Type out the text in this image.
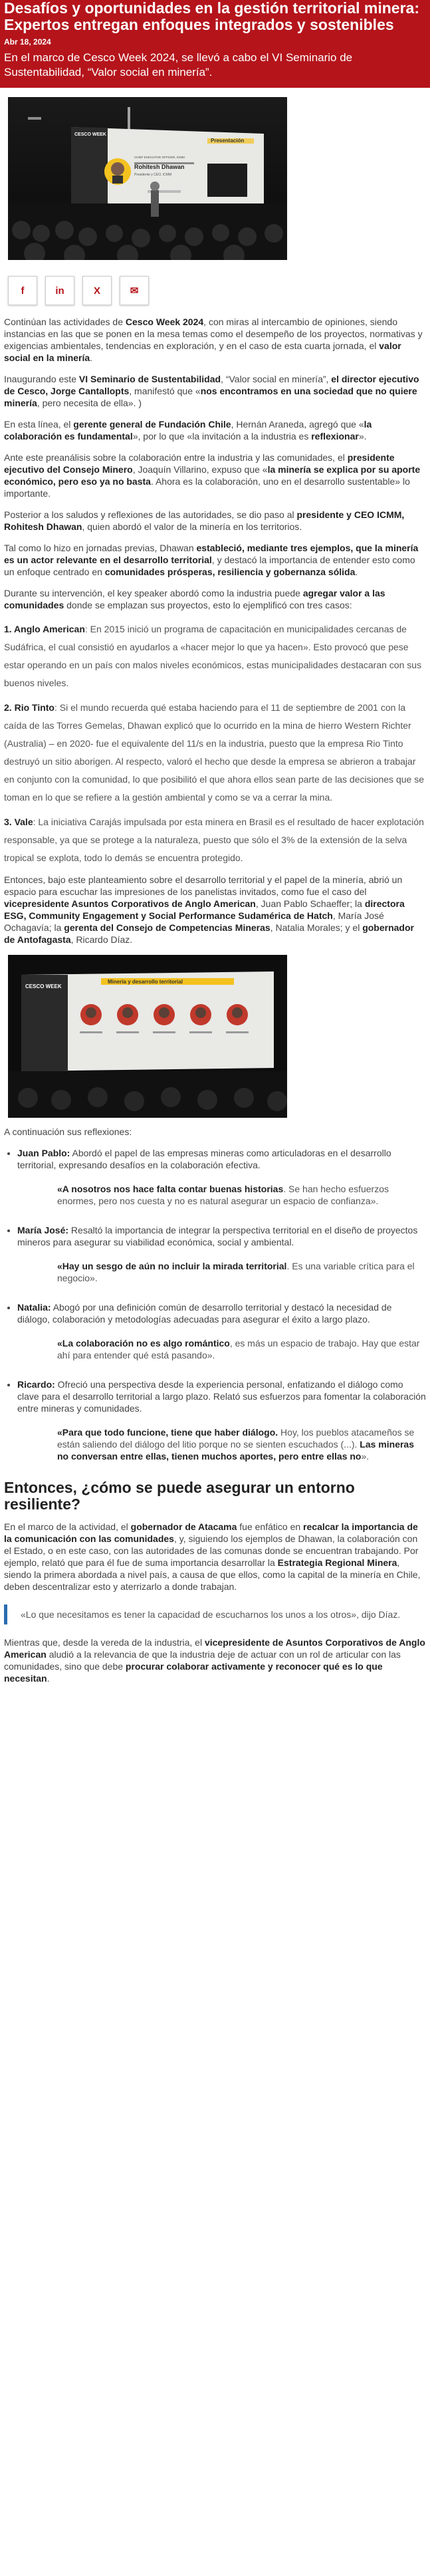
Desafíos y oportunidades en la gestión territorial minera: Expertos entregan enfoques integrados y sostenibles
Abr 18, 2024

En el marco de Cesco Week 2024, se llevó a cabo el VI Seminario de Sustentabilidad, “Valor social en minería”.

CESCO WEEK
Presentación
CHIEF EXECUTIVE OFFICER, ICMM
Rohitesh Dhawan
Presidente y CEO, ICMM
f	in	X	✉

Continúan las actividades de Cesco Week 2024, con miras al intercambio de opiniones, siendo instancias en las que se ponen en la mesa temas como el desempeño de los proyectos, normativas y exigencias ambientales, tendencias en exploración, y en el caso de esta cuarta jornada, el valor social en la minería.

Inaugurando este VI Seminario de Sustentabilidad, “Valor social en minería”, el director ejecutivo de Cesco, Jorge Cantallopts, manifestó que «nos encontramos en una sociedad que no quiere minería, pero necesita de ella». )

En esta línea, el gerente general de Fundación Chile, Hernán Araneda, agregó que «la colaboración es fundamental», por lo que «la invitación a la industria es reflexionar».

Ante este preanálisis sobre la colaboración entre la industria y las comunidades, el presidente ejecutivo del Consejo Minero, Joaquín Villarino, expuso que «la minería se explica por su aporte económico, pero eso ya no basta. Ahora es la colaboración, uno en el desarrollo sustentable» lo importante.

Posterior a los saludos y reflexiones de las autoridades, se dio paso al presidente y CEO ICMM, Rohitesh Dhawan, quien abordó el valor de la minería en los territorios.

Tal como lo hizo en jornadas previas, Dhawan estableció, mediante tres ejemplos, que la minería es un actor relevante en el desarrollo territorial, y destacó la importancia de entender esto como un enfoque centrado en comunidades prósperas, resiliencia y gobernanza sólida.

Durante su intervención, el key speaker abordó como la industria puede agregar valor a las comunidades donde se emplazan sus proyectos, esto lo ejemplificó con tres casos:

1. Anglo American: En 2015 inició un programa de capacitación en municipalidades cercanas de Sudáfrica, el cual consistió en ayudarlos a «hacer mejor lo que ya hacen». Esto provocó que pese estar operando en un país con malos niveles económicos, estas municipalidades destacaran con sus buenos niveles.
2. Rio Tinto: Si el mundo recuerda qué estaba haciendo para el 11 de septiembre de 2001 con la caída de las Torres Gemelas, Dhawan explicó que lo ocurrido en la mina de hierro Western Richter (Australia) – en 2020- fue el equivalente del 11/s en la industria, puesto que la empresa Rio Tinto destruyó un sitio aborigen. Al respecto, valoró el hecho que desde la empresa se abrieron a trabajar en conjunto con la comunidad, lo que posibilitó el que ahora ellos sean parte de las decisiones que se toman en lo que se refiere a la gestión ambiental y como se va a cerrar la mina.
3. Vale: La iniciativa Carajás impulsada por esta minera en Brasil es el resultado de hacer explotación responsable, ya que se protege a la naturaleza, puesto que sólo el 3% de la extensión de la selva tropical se explota, todo lo demás se encuentra protegido.

Entonces, bajo este planteamiento sobre el desarrollo territorial y el papel de la minería, abrió un espacio para escuchar las impresiones de los panelistas invitados, como fue el caso del vicepresidente Asuntos Corporativos de Anglo American, Juan Pablo Schaeffer; la directora ESG, Community Engagement y Social Performance Sudamérica de Hatch, María José Ochagavía; la gerenta del Consejo de Competencias Mineras, Natalia Morales; y el gobernador de Antofagasta, Ricardo Díaz.

CESCO WEEK
Minería y desarrollo territorial

A continuación sus reflexiones:

• Juan Pablo: Abordó el papel de las empresas mineras como articuladoras en el desarrollo territorial, expresando desafíos en la colaboración efectiva.
«A nosotros nos hace falta contar buenas historias. Se han hecho esfuerzos enormes, pero nos cuesta y no es natural asegurar un espacio de confianza».
• María José: Resaltó la importancia de integrar la perspectiva territorial en el diseño de proyectos mineros para asegurar su viabilidad económica, social y ambiental.
«Hay un sesgo de aún no incluir la mirada territorial. Es una variable crítica para el negocio».
• Natalia: Abogó por una definición común de desarrollo territorial y destacó la necesidad de diálogo, colaboración y metodologías adecuadas para asegurar el éxito a largo plazo.
«La colaboración no es algo romántico, es más un espacio de trabajo. Hay que estar ahí para entender qué está pasando».
• Ricardo: Ofreció una perspectiva desde la experiencia personal, enfatizando el diálogo como clave para el desarrollo territorial a largo plazo. Relató sus esfuerzos para fomentar la colaboración entre mineras y comunidades.
«Para que todo funcione, tiene que haber diálogo. Hoy, los pueblos atacameños se están saliendo del diálogo del litio porque no se sienten escuchados (...). Las mineras no conversan entre ellas, tienen muchos aportes, pero entre ellas no».
Entonces, ¿cómo se puede asegurar un entorno resiliente?

En el marco de la actividad, el gobernador de Atacama fue enfático en recalcar la importancia de la comunicación con las comunidades, y, siguiendo los ejemplos de Dhawan, la colaboración con el Estado, o en este caso, con las autoridades de las comunas donde se encuentran trabajando. Por ejemplo, relató que para él fue de suma importancia desarrollar la Estrategia Regional Minera, siendo la primera abordada a nivel país, a causa de que ellos, como la capital de la minería en Chile, deben descentralizar esto y aterrizarlo a donde trabajan.

«Lo que necesitamos es tener la capacidad de escucharnos los unos a los otros», dijo Díaz.

Mientras que, desde la vereda de la industria, el vicepresidente de Asuntos Corporativos de Anglo American aludió a la relevancia de que la industria deje de actuar con un rol de articular con las comunidades, sino que debe procurar colaborar activamente y reconocer qué es lo que necesitan.
